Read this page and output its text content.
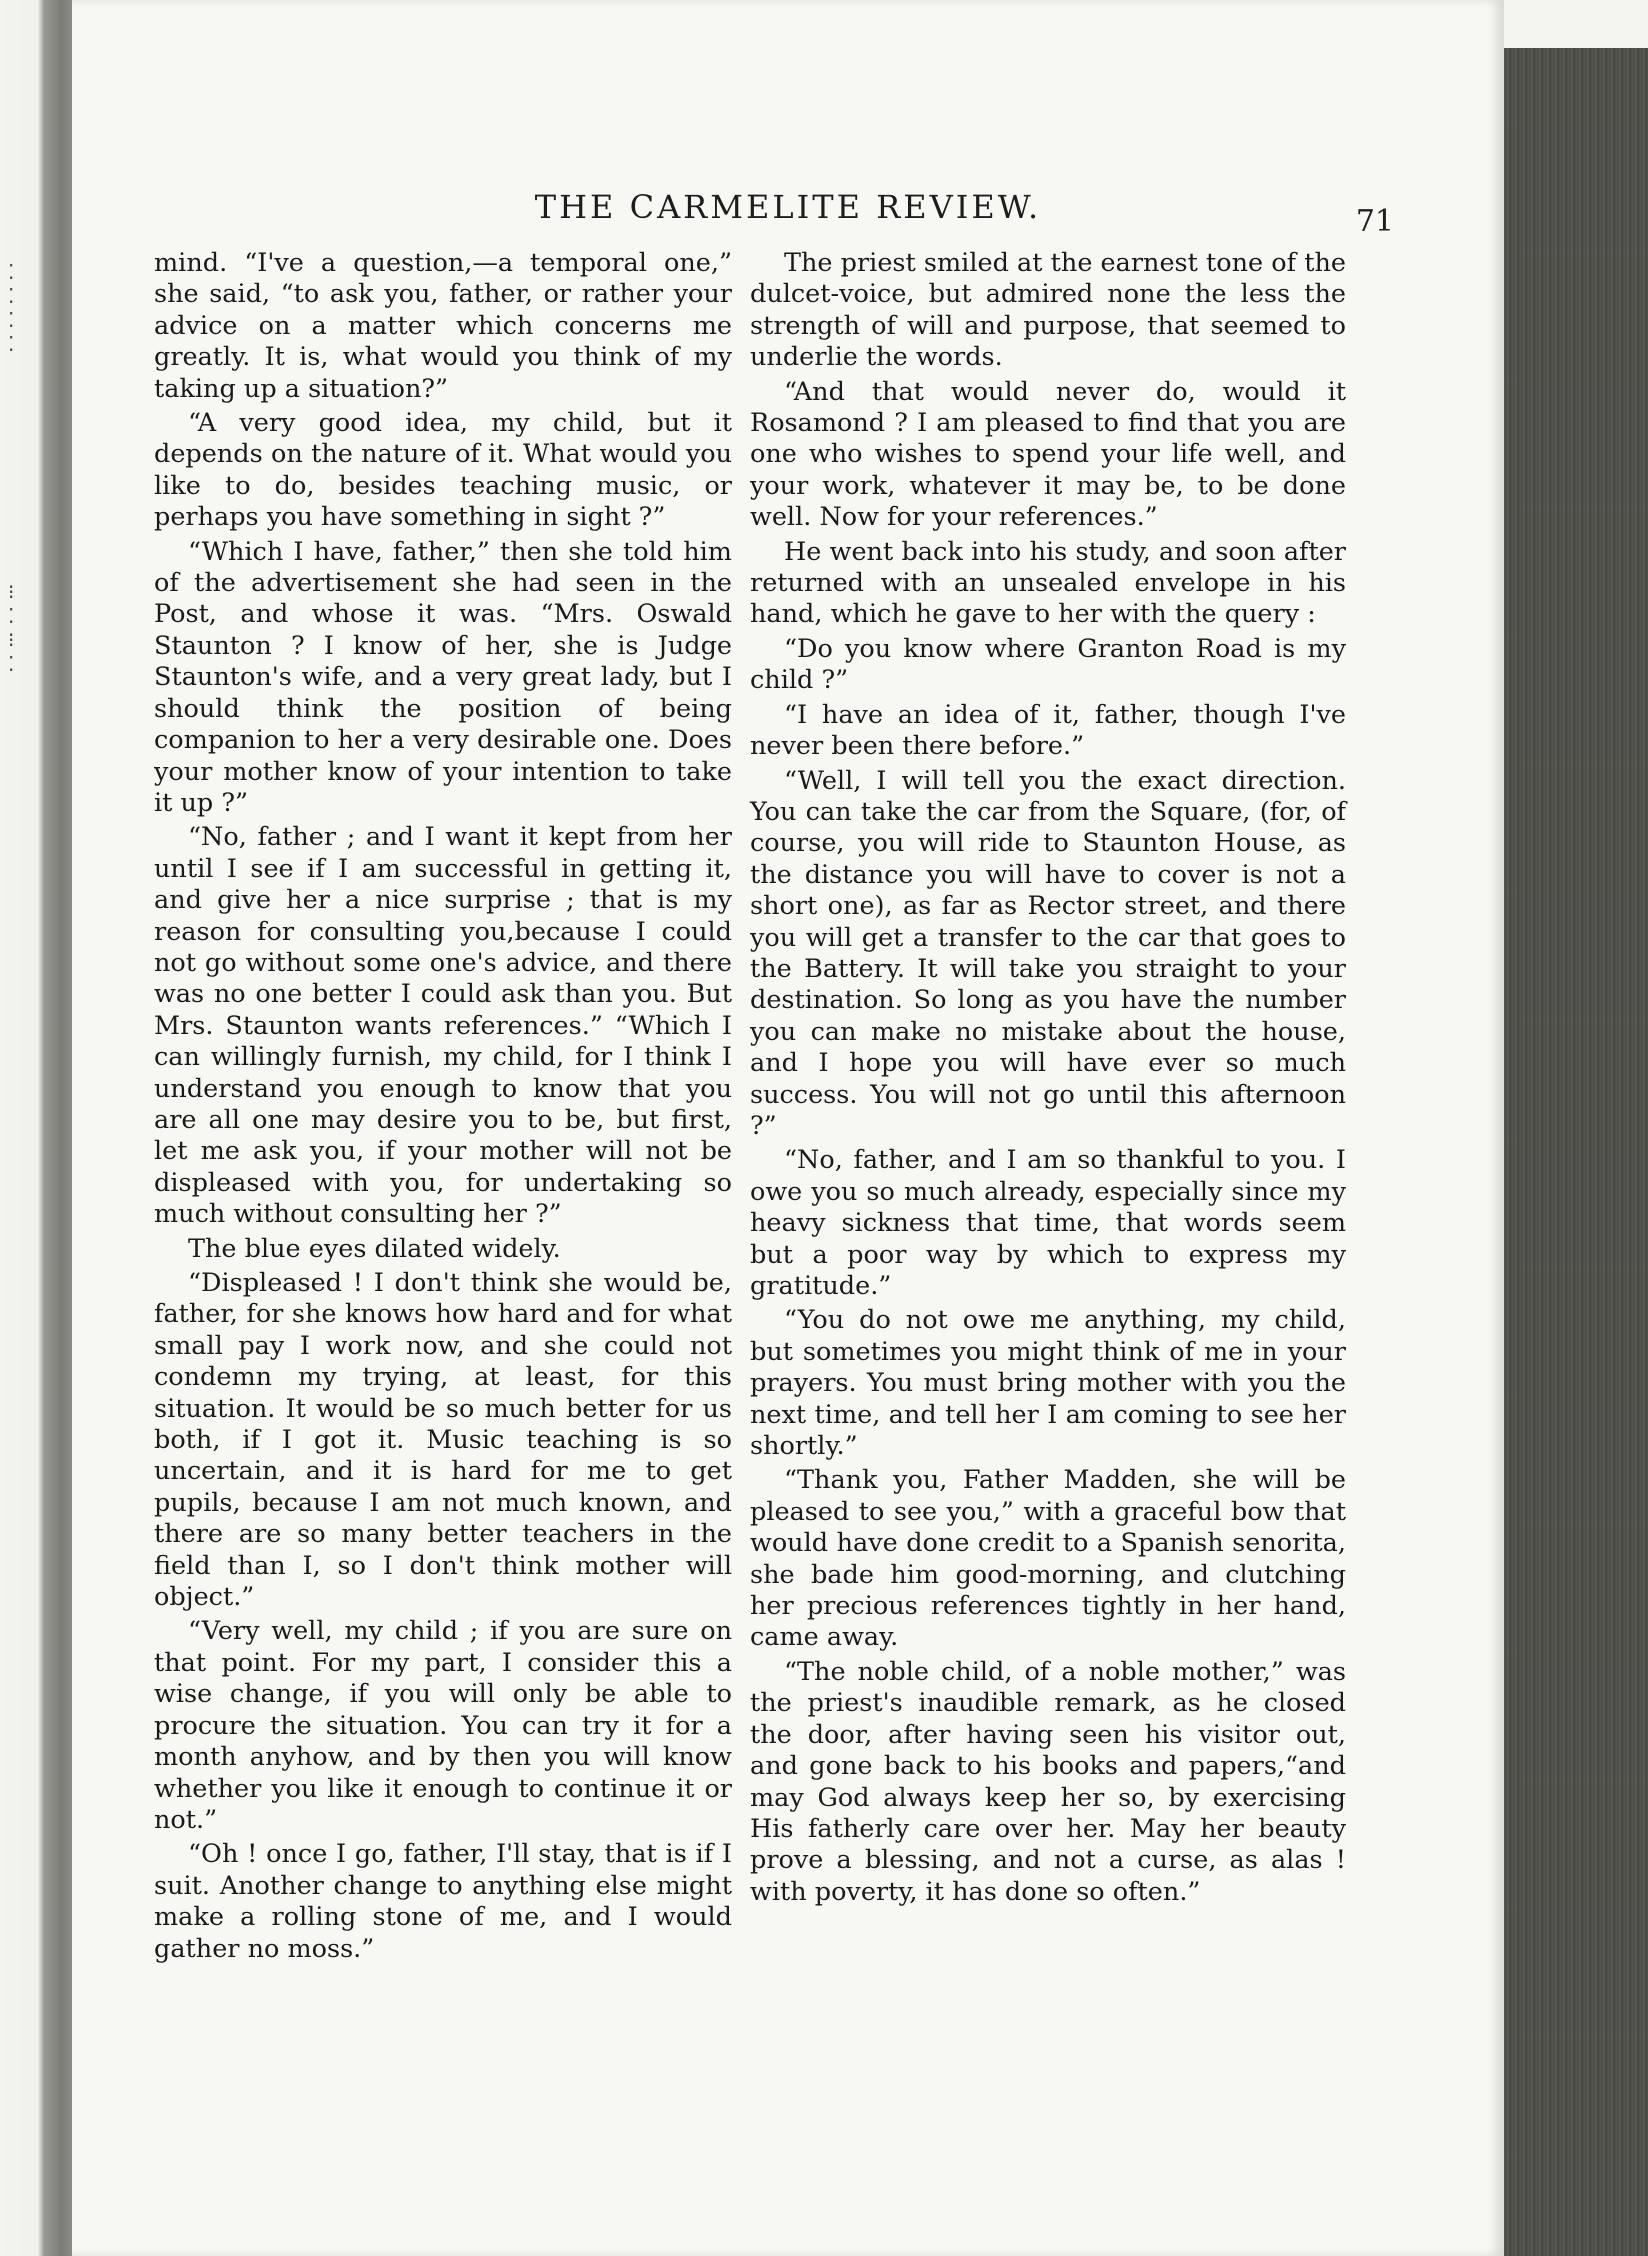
⁚
⁚
⁚
⁚
⁝
⁚
⁝
⁚
THE CARMELITE REVIEW.	71

mind. “I've a question,—a temporal one,” she said, “to ask you, father, or rather your advice on a matter which concerns me greatly. It is, what would you think of my taking up a situation?”

“A very good idea, my child, but it depends on the nature of it. What would you like to do, besides teaching music, or perhaps you have something in sight ?”

“Which I have, father,” then she told him of the advertisement she had seen in the Post, and whose it was. “Mrs. Oswald Staunton ? I know of her, she is Judge Staunton's wife, and a very great lady, but I should think the position of being companion to her a very desirable one. Does your mother know of your intention to take it up ?”

“No, father ; and I want it kept from her until I see if I am successful in getting it, and give her a nice surprise ; that is my reason for consulting you,because I could not go without some one's advice, and there was no one better I could ask than you. But Mrs. Staunton wants references.” “Which I can willingly furnish, my child, for I think I understand you enough to know that you are all one may desire you to be, but first, let me ask you, if your mother will not be displeased with you, for undertaking so much without consulting her ?”

The blue eyes dilated widely.

“Displeased ! I don't think she would be, father, for she knows how hard and for what small pay I work now, and she could not condemn my trying, at least, for this situation. It would be so much better for us both, if I got it. Music teaching is so uncertain, and it is hard for me to get pupils, because I am not much known, and there are so many better teachers in the field than I, so I don't think mother will object.”

“Very well, my child ; if you are sure on that point. For my part, I consider this a wise change, if you will only be able to procure the situation. You can try it for a month anyhow, and by then you will know whether you like it enough to continue it or not.”

“Oh ! once I go, father, I'll stay, that is if I suit. Another change to anything else might make a rolling stone of me, and I would gather no moss.”

The priest smiled at the earnest tone of the dulcet-voice, but admired none the less the strength of will and purpose, that seemed to underlie the words.

“And that would never do, would it Rosamond ? I am pleased to find that you are one who wishes to spend your life well, and your work, whatever it may be, to be done well. Now for your references.”

He went back into his study, and soon after returned with an unsealed envelope in his hand, which he gave to her with the query :

“Do you know where Granton Road is my child ?”

“I have an idea of it, father, though I've never been there before.”

“Well, I will tell you the exact direction. You can take the car from the Square, (for, of course, you will ride to Staunton House, as the distance you will have to cover is not a short one), as far as Rector street, and there you will get a transfer to the car that goes to the Battery. It will take you straight to your destination. So long as you have the number you can make no mistake about the house, and I hope you will have ever so much success. You will not go until this afternoon ?”

“No, father, and I am so thankful to you. I owe you so much already, especially since my heavy sickness that time, that words seem but a poor way by which to express my gratitude.”

“You do not owe me anything, my child, but sometimes you might think of me in your prayers. You must bring mother with you the next time, and tell her I am coming to see her shortly.”

“Thank you, Father Madden, she will be pleased to see you,” with a graceful bow that would have done credit to a Spanish senorita, she bade him good-morning, and clutching her precious references tightly in her hand, came away.

“The noble child, of a noble mother,” was the priest's inaudible remark, as he closed the door, after having seen his visitor out, and gone back to his books and papers,“and may God always keep her so, by exercising His fatherly care over her. May her beauty prove a blessing, and not a curse, as alas ! with poverty, it has done so often.”
